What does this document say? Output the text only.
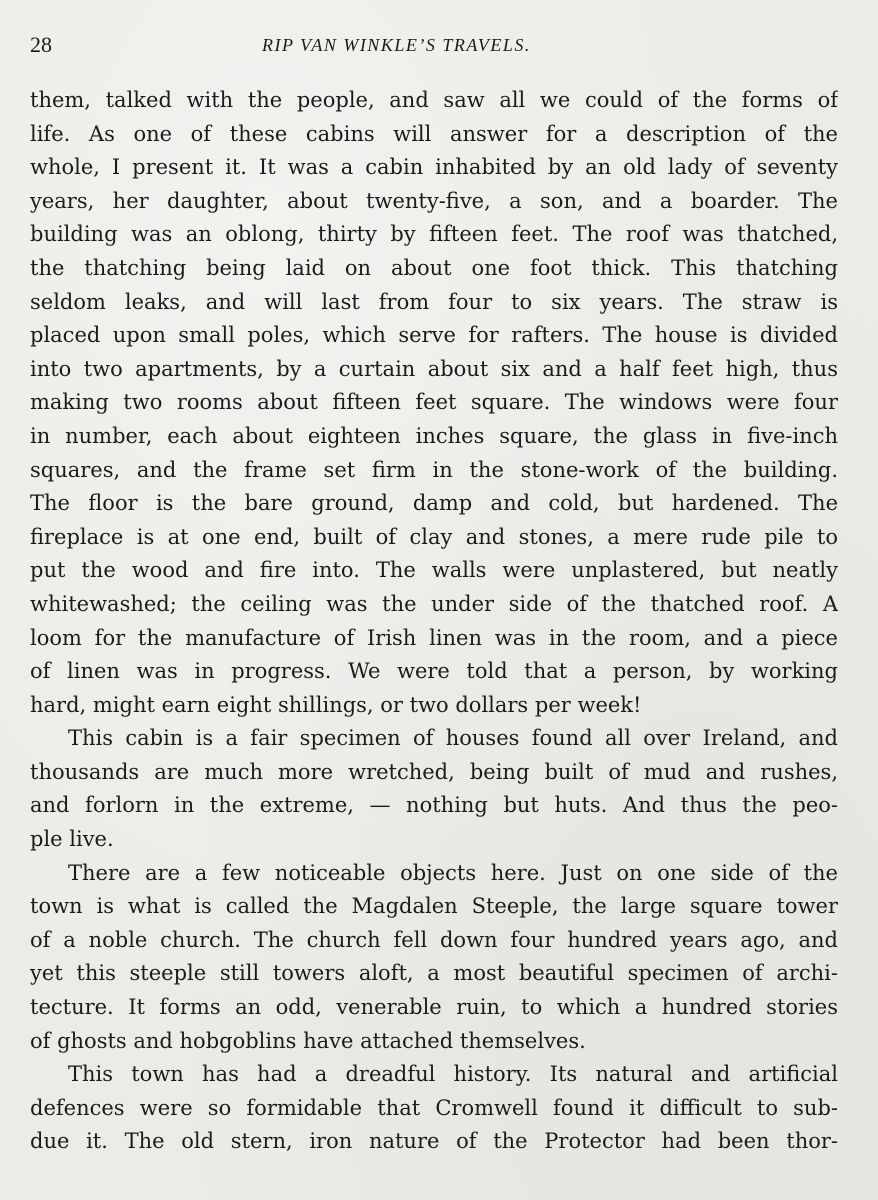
28	RIP VAN WINKLE’S TRAVELS.
them, talked with the people, and saw all we could of the forms of
life. As one of these cabins will answer for a description of the
whole, I present it. It was a cabin inhabited by an old lady of seventy
years, her daughter, about twenty-five, a son, and a boarder. The
building was an oblong, thirty by fifteen feet. The roof was thatched,
the thatching being laid on about one foot thick. This thatching
seldom leaks, and will last from four to six years. The straw is
placed upon small poles, which serve for rafters. The house is divided
into two apartments, by a curtain about six and a half feet high, thus
making two rooms about fifteen feet square. The windows were four
in number, each about eighteen inches square, the glass in five-inch
squares, and the frame set firm in the stone-work of the building.
The floor is the bare ground, damp and cold, but hardened. The
fireplace is at one end, built of clay and stones, a mere rude pile to
put the wood and fire into. The walls were unplastered, but neatly
whitewashed; the ceiling was the under side of the thatched roof. A
loom for the manufacture of Irish linen was in the room, and a piece
of linen was in progress. We were told that a person, by working
hard, might earn eight shillings, or two dollars per week!
This cabin is a fair specimen of houses found all over Ireland, and
thousands are much more wretched, being built of mud and rushes,
and forlorn in the extreme, — nothing but huts. And thus the peo-
ple live.
There are a few noticeable objects here. Just on one side of the
town is what is called the Magdalen Steeple, the large square tower
of a noble church. The church fell down four hundred years ago, and
yet this steeple still towers aloft, a most beautiful specimen of archi-
tecture. It forms an odd, venerable ruin, to which a hundred stories
of ghosts and hobgoblins have attached themselves.
This town has had a dreadful history. Its natural and artificial
defences were so formidable that Cromwell found it difficult to sub-
due it. The old stern, iron nature of the Protector had been thor-
